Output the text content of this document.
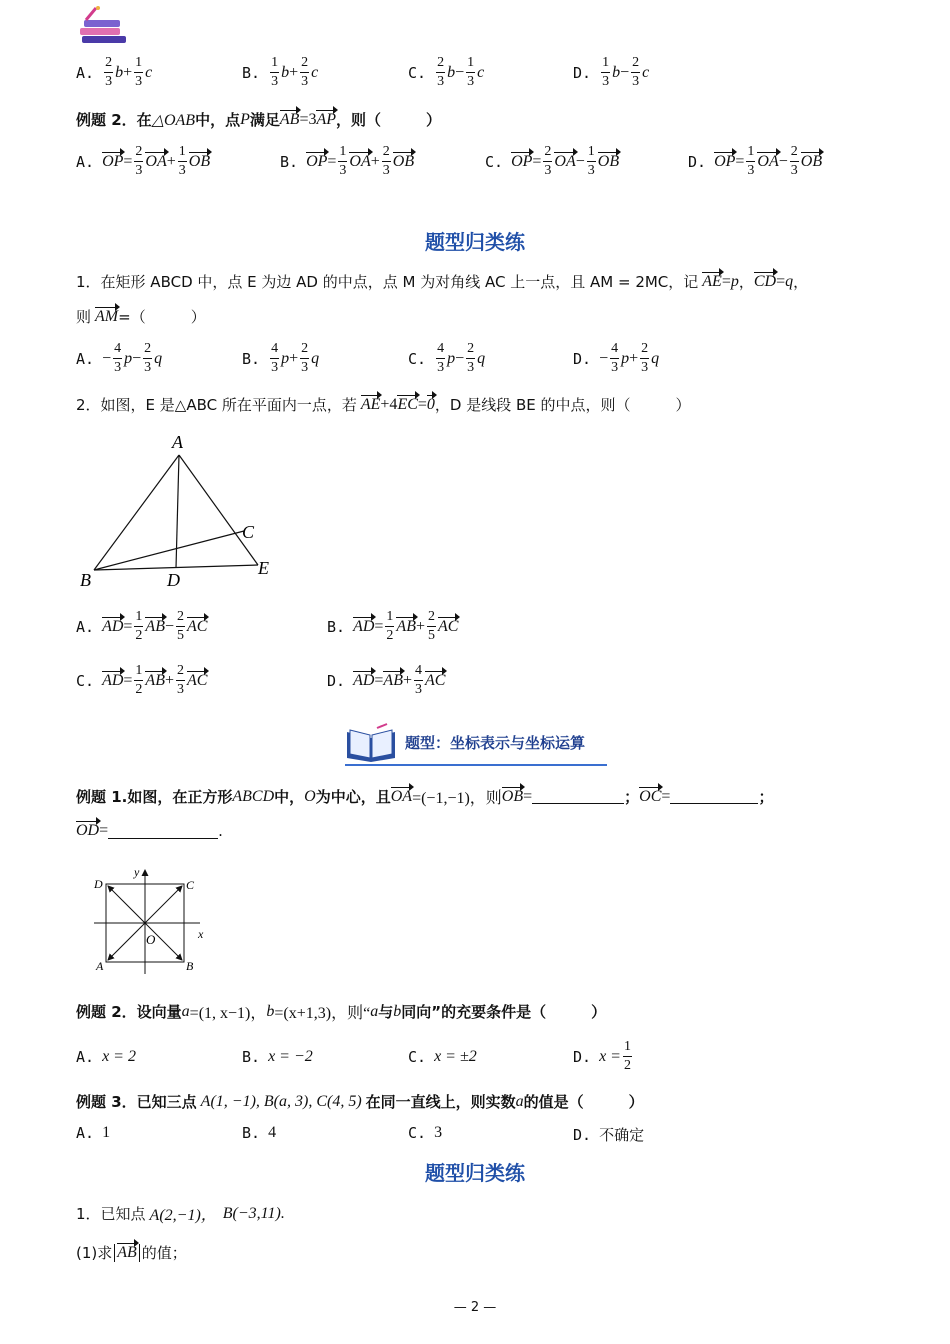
A. $\frac{2}{3}$ $b + \frac{1}{3}$ c	B. $\frac{1}{3}$ $b + \frac{2}{3}$ c	C. $\frac{2}{3}$ $b - \frac{1}{3}$ c	D. $\frac{1}{3}$ $b - \frac{2}{3}$ c
例题 2．在 △OAB 中，点 P 满足 AB =3 AP ，则（　　　）
A. OP = $\frac{2}{3}$ OA + $\frac{1}{3}$ OB	B. OP = $\frac{1}{3}$ OA + $\frac{2}{3}$ OB	C. OP = $\frac{2}{3}$ OA − $\frac{1}{3}$ OB	D. OP = $\frac{1}{3}$ OA − $\frac{2}{3}$ OB
题型归类练
1．在矩形 ABCD 中，点 E 为边 AD 的中点，点 M 为对角线 AC 上一点，且 AM = 2MC，记 AE = p ， CD = q ，
则 AM =（　　　）
A. − $\frac{4}{3}$ $p - \frac{2}{3}$ q	B. $\frac{4}{3}$ $p + \frac{2}{3}$ q	C. $\frac{4}{3}$ $p - \frac{2}{3}$ q	D. − $\frac{4}{3}$ $p + \frac{2}{3}$ q
2．如图，E 是△ABC 所在平面内一点，若 AE +4 EC = 0 ，D 是线段 BE 的中点，则（　　　）
A
B
C
D
E
A. AD = $\frac{1}{2}$ AB − $\frac{2}{5}$ AC	B. AD = $\frac{1}{2}$ AB + $\frac{2}{5}$ AC
C. AD = $\frac{1}{2}$ AB + $\frac{2}{3}$ AC	D. AD = AB + $\frac{4}{3}$ AC
题型：坐标表示与坐标运算
例题 1.如图，在正方形 ABCD 中， O 为中心，且 OA =(−1,−1)，则 OB =	； OC =	；
OD =	.
D	C
A	B
O	x
y
例题 2．设向量 a =(1, x−1)， b =(x+1,3)，则“ a 与 b 同向”的充要条件是（　　　）
A. x = 2	B. x = −2	C. x = ±2	D. $x = \frac{1}{2}$
例题 3．已知三点 A(1, −1), B(a, 3), C(4, 5) 在同一直线上，则实数 a 的值是（　　　）
A. 1	B. 4	C. 3	D. 不确定
题型归类练
1．已知点 A(2,−1)， B(−3,11).
(1)求 AB 的值；
— 2 —
